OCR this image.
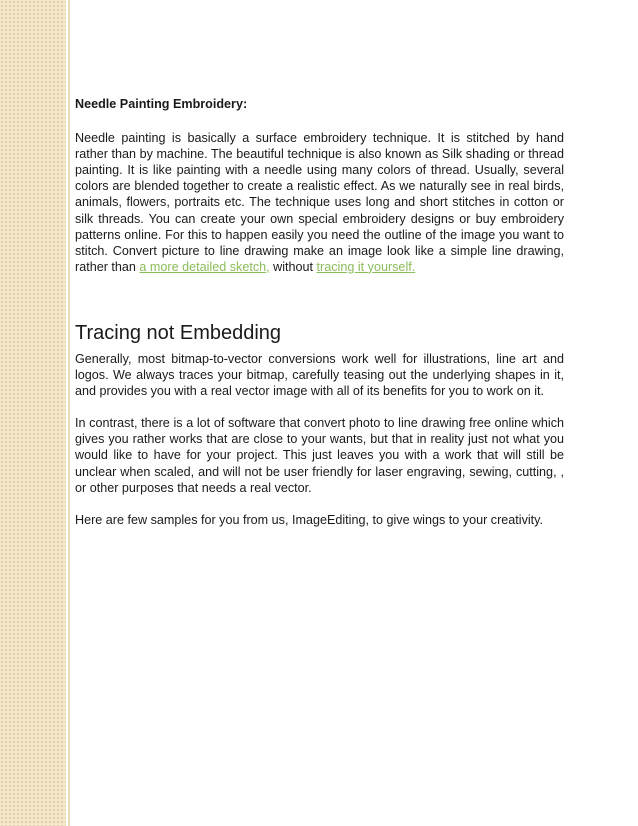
Needle Painting Embroidery:

Needle painting is basically a surface embroidery technique. It is stitched by hand rather than by machine. The beautiful technique is also known as Silk shading or thread painting. It is like painting with a needle using many colors of thread. Usually, several colors are blended together to create a realistic effect. As we naturally see in real birds, animals, flowers, portraits etc. The technique uses long and short stitches in cotton or silk threads. You can create your own special embroidery designs or buy embroidery patterns online. For this to happen easily you need the outline of the image you want to stitch. Convert picture to line drawing make an image look like a simple line drawing, rather than a more detailed sketch, without tracing it yourself.

Tracing not Embedding

Generally, most bitmap-to-vector conversions work well for illustrations, line art and logos. We always traces your bitmap, carefully teasing out the underlying shapes in it, and provides you with a real vector image with all of its benefits for you to work on it.

In contrast, there is a lot of software that convert photo to line drawing free online which gives you rather works that are close to your wants, but that in reality just not what you would like to have for your project. This just leaves you with a work that will still be unclear when scaled, and will not be user friendly for laser engraving, sewing, cutting, , or other purposes that needs a real vector.

Here are few samples for you from us, ImageEditing, to give wings to your creativity.
